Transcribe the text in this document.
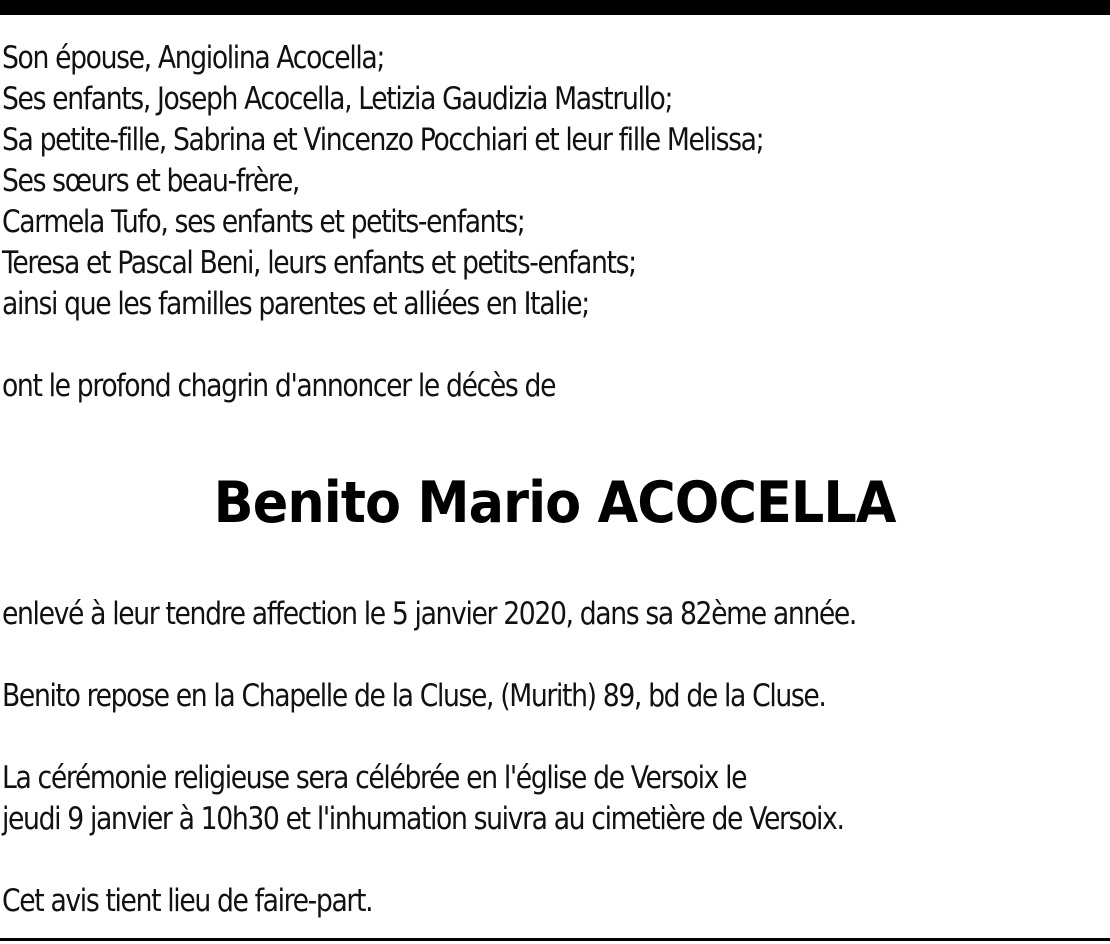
Son épouse, Angiolina Acocella;
Ses enfants, Joseph Acocella, Letizia Gaudizia Mastrullo;
Sa petite-fille, Sabrina et Vincenzo Pocchiari et leur fille Melissa;
Ses sœurs et beau-frère,
Carmela Tufo, ses enfants et petits-enfants;
Teresa et Pascal Beni, leurs enfants et petits-enfants;
ainsi que les familles parentes et alliées en Italie;
ont le profond chagrin d'annoncer le décès de
Benito Mario ACOCELLA
enlevé à leur tendre affection le 5 janvier 2020, dans sa 82ème année.
Benito repose en la Chapelle de la Cluse, (Murith) 89, bd de la Cluse.
La cérémonie religieuse sera célébrée en l'église de Versoix le
jeudi 9 janvier à 10h30 et l'inhumation suivra au cimetière de Versoix.
Cet avis tient lieu de faire-part.
